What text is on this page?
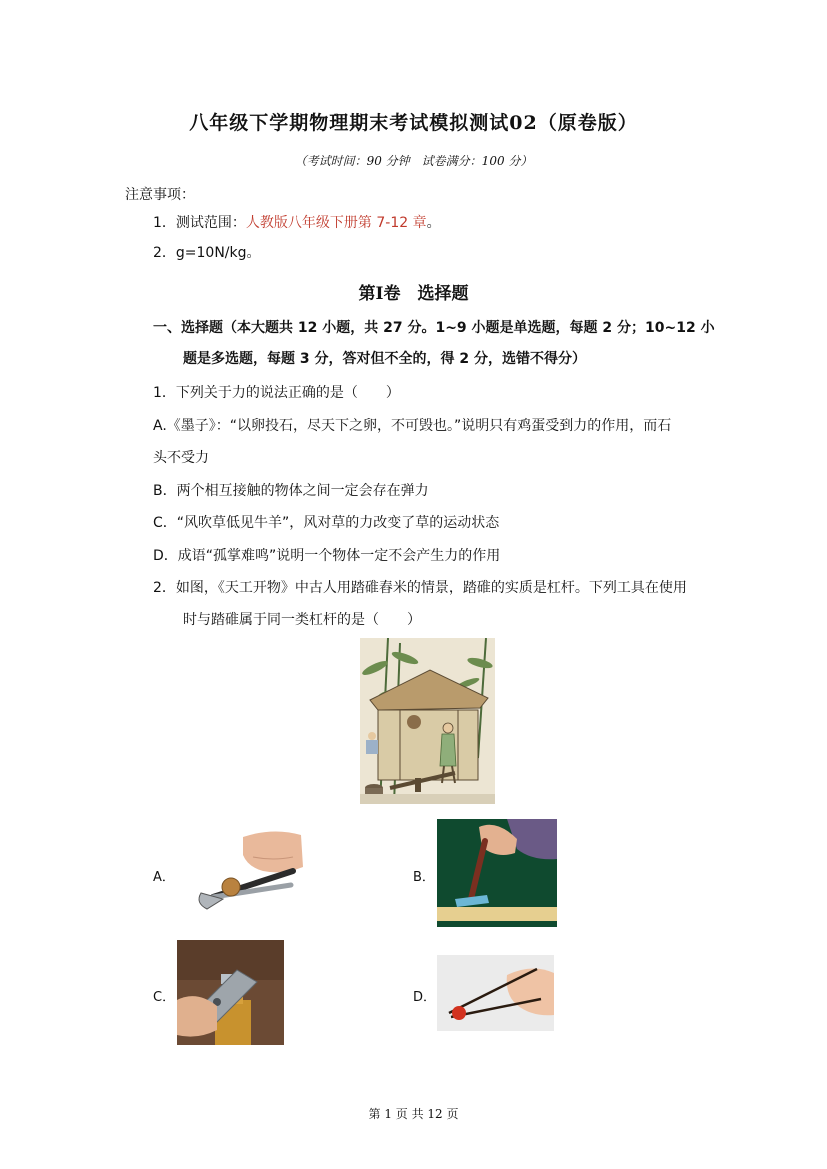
八年级下学期物理期末考试模拟测试02（原卷版）
（考试时间：90 分钟　试卷满分：100 分）
注意事项：
1．测试范围：人教版八年级下册第 7-12 章。
2．g=10N/kg。
第Ⅰ卷　选择题
一、选择题（本大题共 12 小题，共 27 分。1~9 小题是单选题，每题 2 分；10~12 小
题是多选题，每题 3 分，答对但不全的，得 2 分，选错不得分）
1．下列关于力的说法正确的是（　　）
A.《墨子》：“以卵投石，尽天下之卵，不可毁也。”说明只有鸡蛋受到力的作用，而石
头不受力
B．两个相互接触的物体之间一定会存在弹力
C．“风吹草低见牛羊”，风对草的力改变了草的运动状态
D．成语“孤掌难鸣”说明一个物体一定不会产生力的作用
2．如图，《天工开物》中古人用踏碓舂米的情景，踏碓的实质是杠杆。下列工具在使用
时与踏碓属于同一类杠杆的是（　　）
A．	B．
C．	D．
第 1 页 共 12 页
